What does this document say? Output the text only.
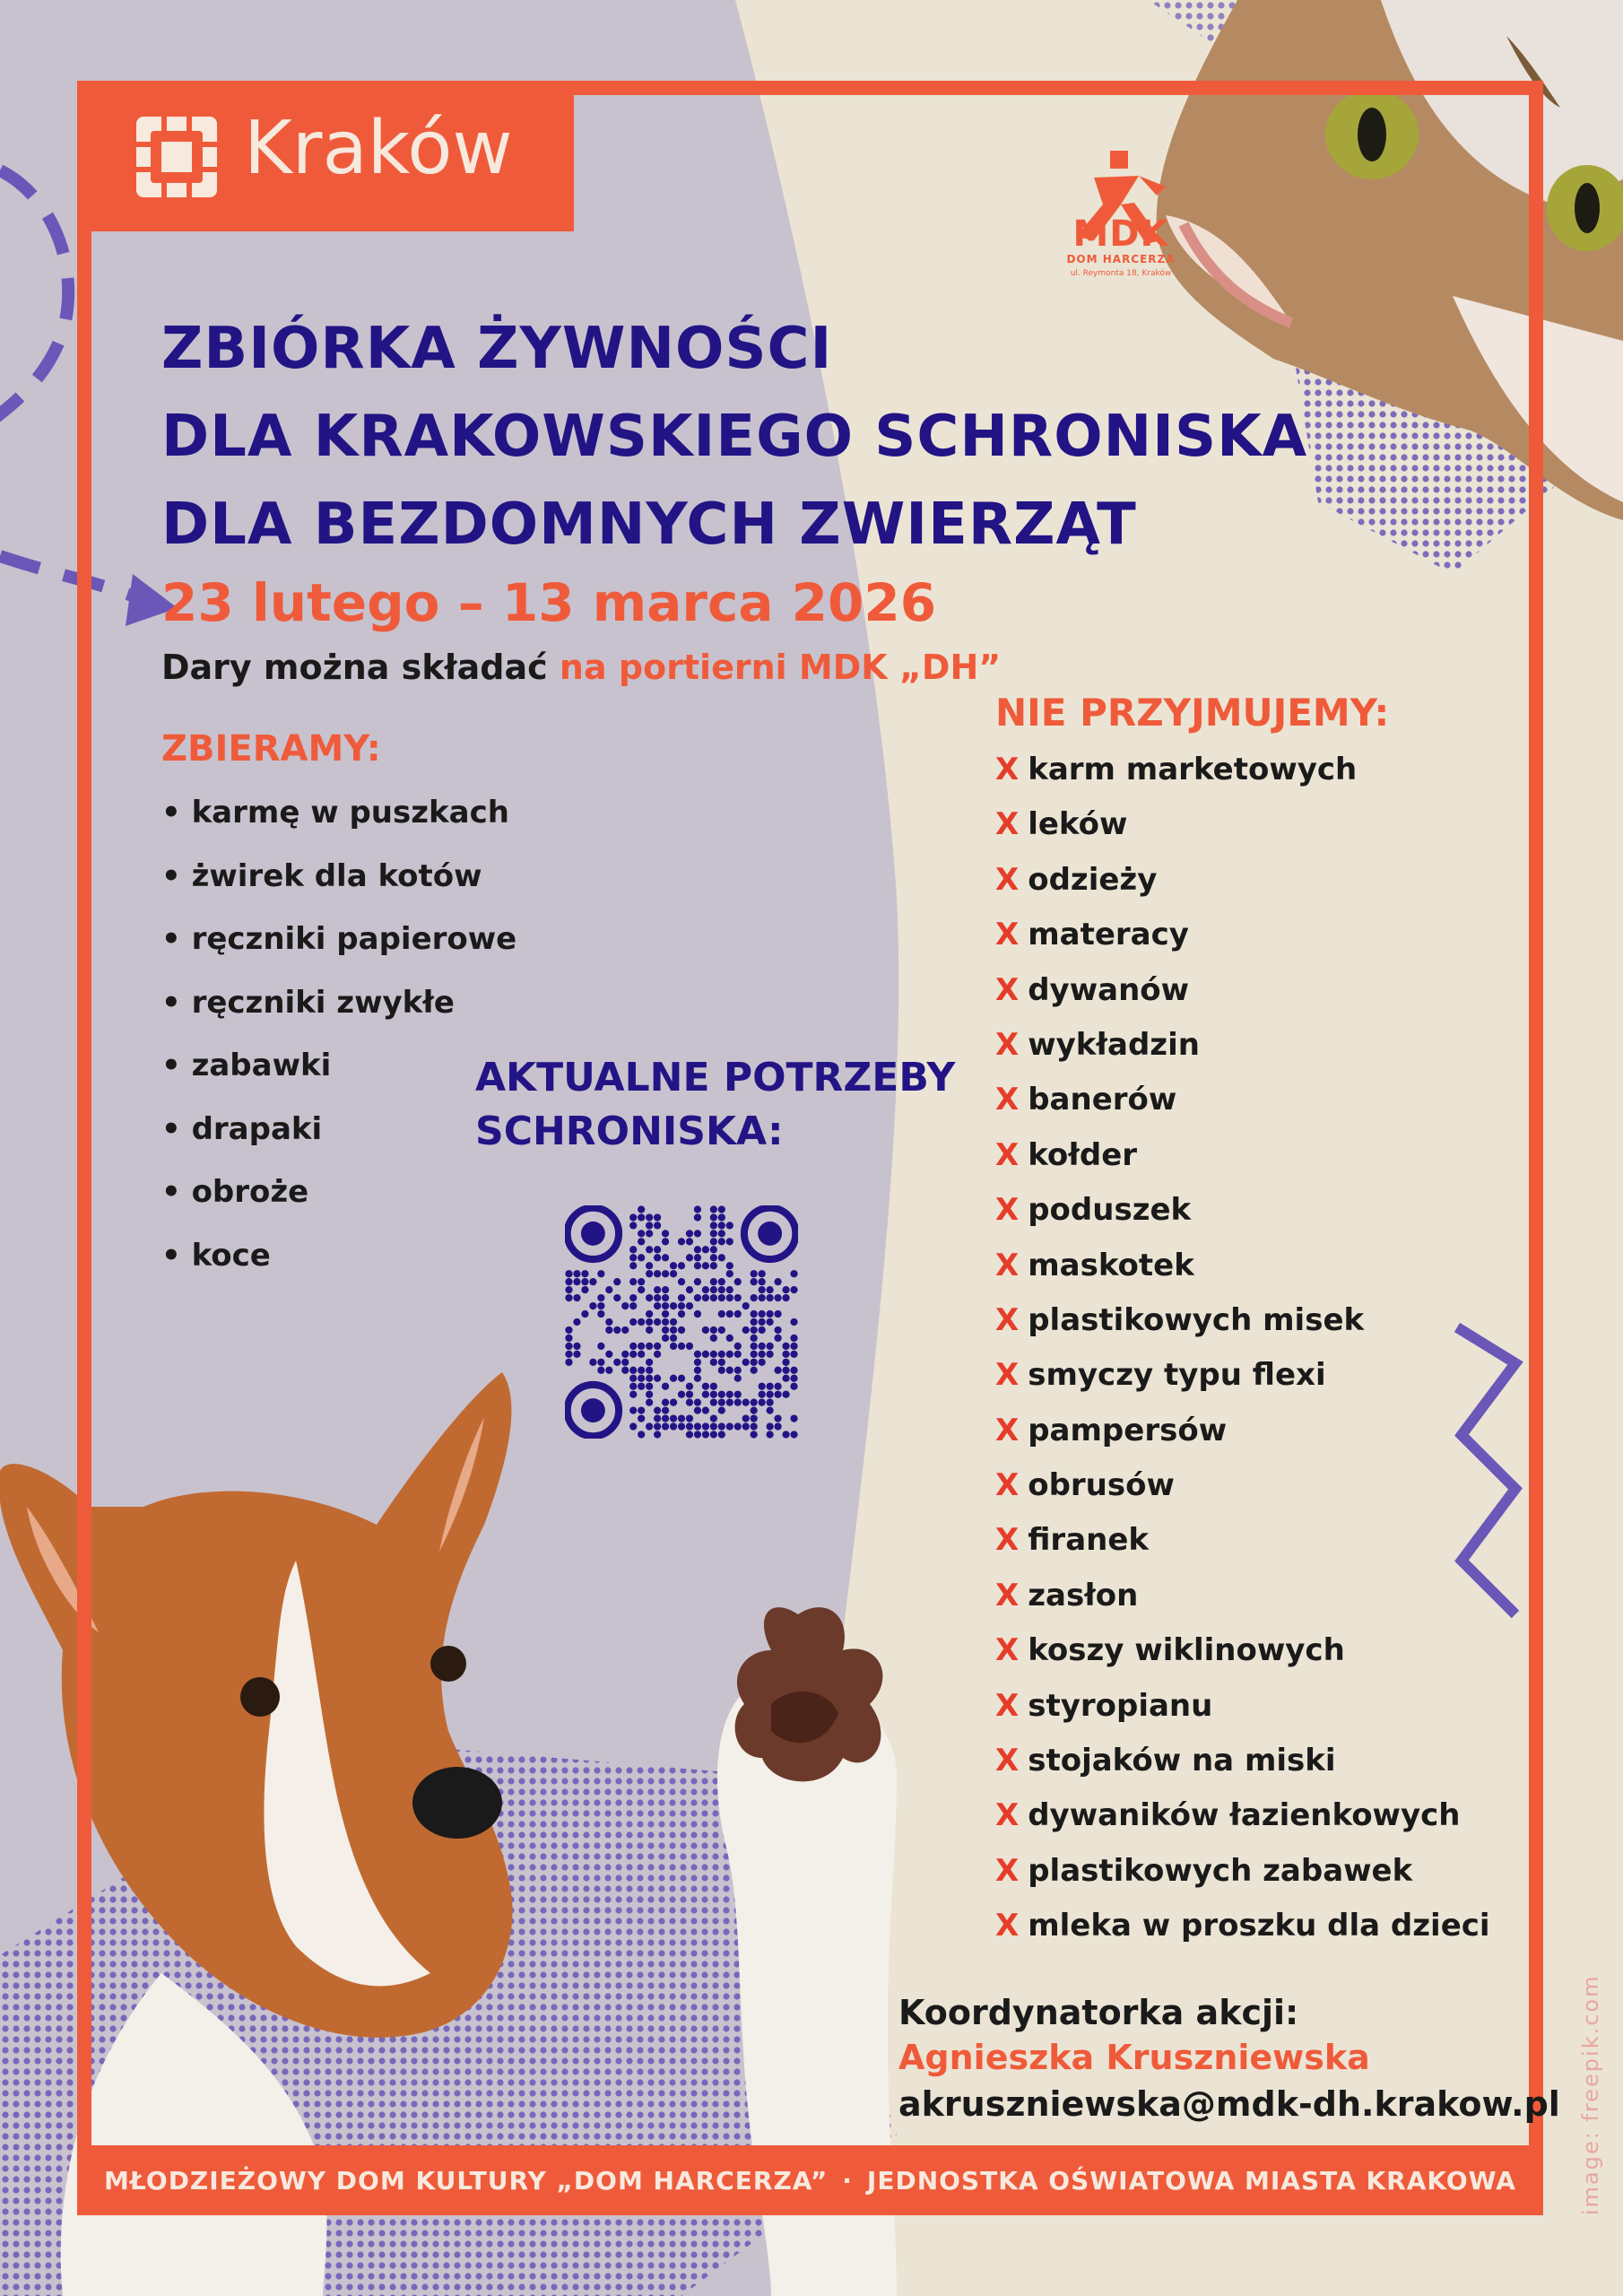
Kraków
MDK
DOM HARCERZA
ul. Reymonta 18, Kraków
ZBIÓRKA ŻYWNOŚCI
DLA KRAKOWSKIEGO SCHRONISKA
DLA BEZDOMNYCH ZWIERZĄT
23 lutego – 13 marca 2026
Dary można składać na portierni MDK „DH”
ZBIERAMY:
• karmę w puszkach
• żwirek dla kotów
• ręczniki papierowe
• ręczniki zwykłe
• zabawki
• drapaki
• obroże
• koce
AKTUALNE POTRZEBY
SCHRONISKA:
NIE PRZYJMUJEMY:
X karm marketowych
X leków
X odzieży
X materacy
X dywanów
X wykładzin
X banerów
X kołder
X poduszek
X maskotek
X plastikowych misek
X smyczy typu flexi
X pampersów
X obrusów
X firanek
X zasłon
X koszy wiklinowych
X styropianu
X stojaków na miski
X dywaników łazienkowych
X plastikowych zabawek
X mleka w proszku dla dzieci
Koordynatorka akcji:
Agnieszka Kruszniewska
akruszniewska@mdk-dh.krakow.pl
MŁODZIEŻOWY DOM KULTURY „DOM HARCERZA” · JEDNOSTKA OŚWIATOWA MIASTA KRAKOWA	image: freepik.com
